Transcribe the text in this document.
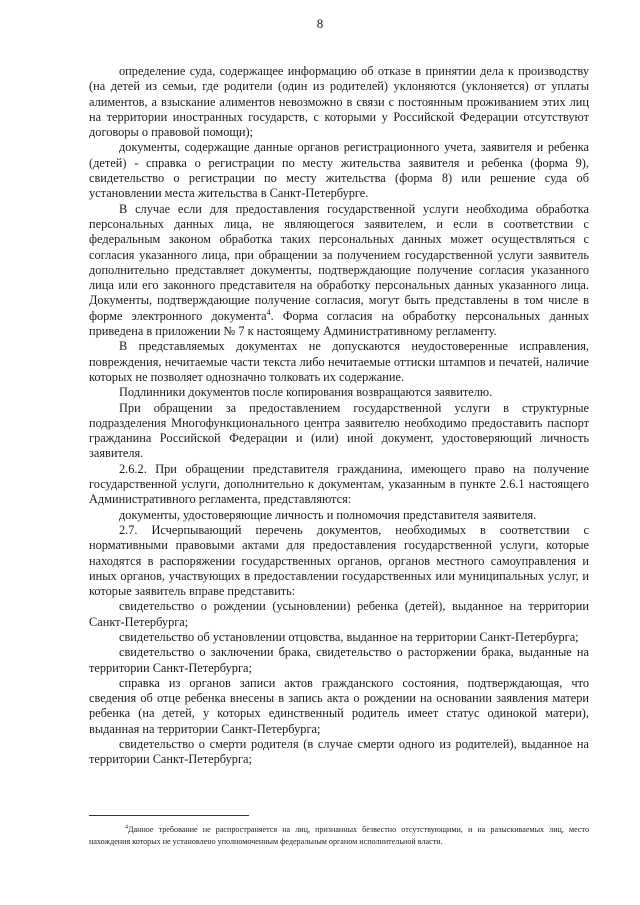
8

определение суда, содержащее информацию об отказе в принятии дела к производству (на детей из семьи, где родители (один из родителей) уклоняются (уклоняется) от уплаты алиментов, а взыскание алиментов невозможно в связи с постоянным проживанием этих лиц на территории иностранных государств, с которыми у Российской Федерации отсутствуют договоры о правовой помощи);

документы, содержащие данные органов регистрационного учета, заявителя и ребенка (детей) - справка о регистрации по месту жительства заявителя и ребенка (форма 9), свидетельство о регистрации по месту жительства (форма 8) или решение суда об установлении места жительства в Санкт-Петербурге.

В случае если для предоставления государственной услуги необходима обработка персональных данных лица, не являющегося заявителем, и если в соответствии с федеральным законом обработка таких персональных данных может осуществляться с согласия указанного лица, при обращении за получением государственной услуги заявитель дополнительно представляет документы, подтверждающие получение согласия указанного лица или его законного представителя на обработку персональных данных указанного лица. Документы, подтверждающие получение согласия, могут быть представлены в том числе в форме электронного документа$^4$. Форма согласия на обработку персональных данных приведена в приложении № 7 к настоящему Административному регламенту.

В представляемых документах не допускаются неудостоверенные исправления, повреждения, нечитаемые части текста либо нечитаемые оттиски штампов и печатей, наличие которых не позволяет однозначно толковать их содержание.

Подлинники документов после копирования возвращаются заявителю.

При обращении за предоставлением государственной услуги в структурные подразделения Многофункционального центра заявителю необходимо предоставить паспорт гражданина Российской Федерации и (или) иной документ, удостоверяющий личность заявителя.

2.6.2. При обращении представителя гражданина, имеющего право на получение государственной услуги, дополнительно к документам, указанным в пункте 2.6.1 настоящего Административного регламента, представляются:

документы, удостоверяющие личность и полномочия представителя заявителя.

2.7. Исчерпывающий перечень документов, необходимых в соответствии с нормативными правовыми актами для предоставления государственной услуги, которые находятся в распоряжении государственных органов, органов местного самоуправления и иных органов, участвующих в предоставлении государственных или муниципальных услуг, и которые заявитель вправе представить:

свидетельство о рождении (усыновлении) ребенка (детей), выданное на территории Санкт-Петербурга;

свидетельство об установлении отцовства, выданное на территории Санкт-Петербурга;

свидетельство о заключении брака, свидетельство о расторжении брака, выданные на территории Санкт-Петербурга;

справка из органов записи актов гражданского состояния, подтверждающая, что сведения об отце ребенка внесены в запись акта о рождении на основании заявления матери ребенка (на детей, у которых единственный родитель имеет статус одинокой матери), выданная на территории Санкт-Петербурга;

свидетельство о смерти родителя (в случае смерти одного из родителей), выданное на территории Санкт-Петербурга;

$^4$Данное требование не распространяется на лиц, признанных безвестно отсутствующими, и на разыскиваемых лиц, место нахождения которых не установлено уполномоченным федеральным органом исполнительной власти.
